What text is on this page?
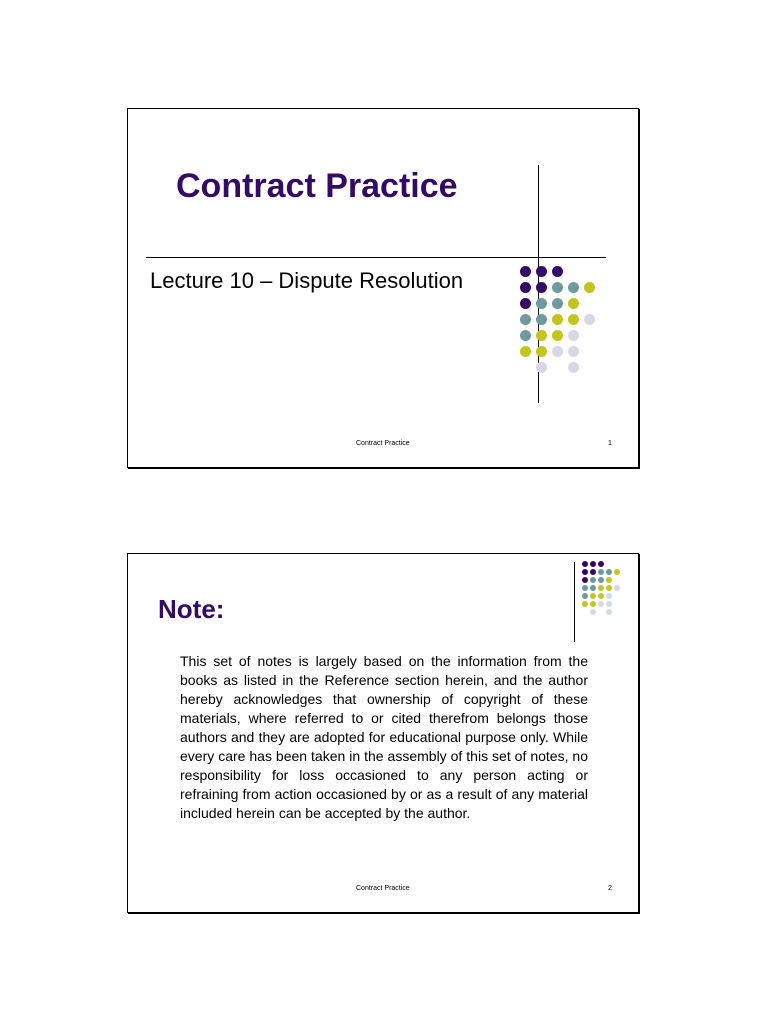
Contract Practice
Lecture 10 – Dispute Resolution
Contract Practice	1
Note:

This set of notes is largely based on the information from the books as listed in the Reference section herein, and the author hereby acknowledges that ownership of copyright of these materials, where referred to or cited therefrom belongs those authors and they are adopted for educational purpose only. While every care has been taken in the assembly of this set of notes, no responsibility for loss occasioned to any person acting or refraining from action occasioned by or as a result of any material included herein can be accepted by the author.

Contract Practice	2
